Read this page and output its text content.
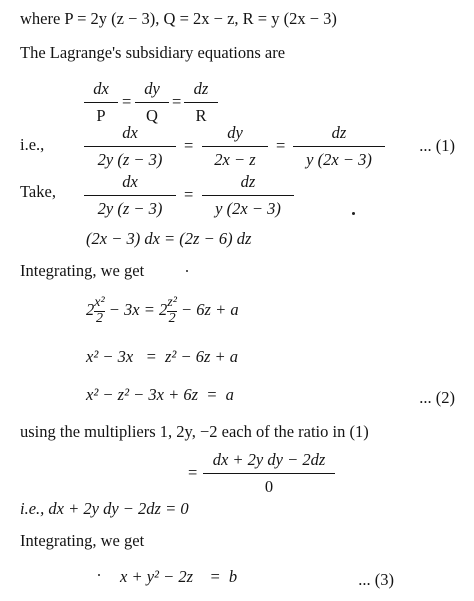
where P = 2y (z − 3), Q = 2x − z, R = y (2x − 3)
The Lagrange's subsidiary equations are
dx
P
=
dy
Q
=
dz
R
i.e.,
dx
2y (z − 3)
=
dy
2x − z
=
dz
y (2x − 3)
... (1)
Take,
dx
2y (z − 3)
=
dz
y (2x − 3)
(2x − 3) dx = (2z − 6) dz
Integrating, we get
$2 \frac{\text{x²}}{2} - 3x = 2 \frac{\text{z²}}{2} - 6z + a$
x² − 3x   =  z² − 6z + a
x² − z² − 3x + 6z  =  a	... (2)
using the multipliers 1, 2y, −2 each of the ratio in (1)
=
dx + 2y dy − 2dz
0
i.e., dx + 2y dy − 2dz = 0
Integrating, we get
x + y² − 2z    =  b	... (3)
